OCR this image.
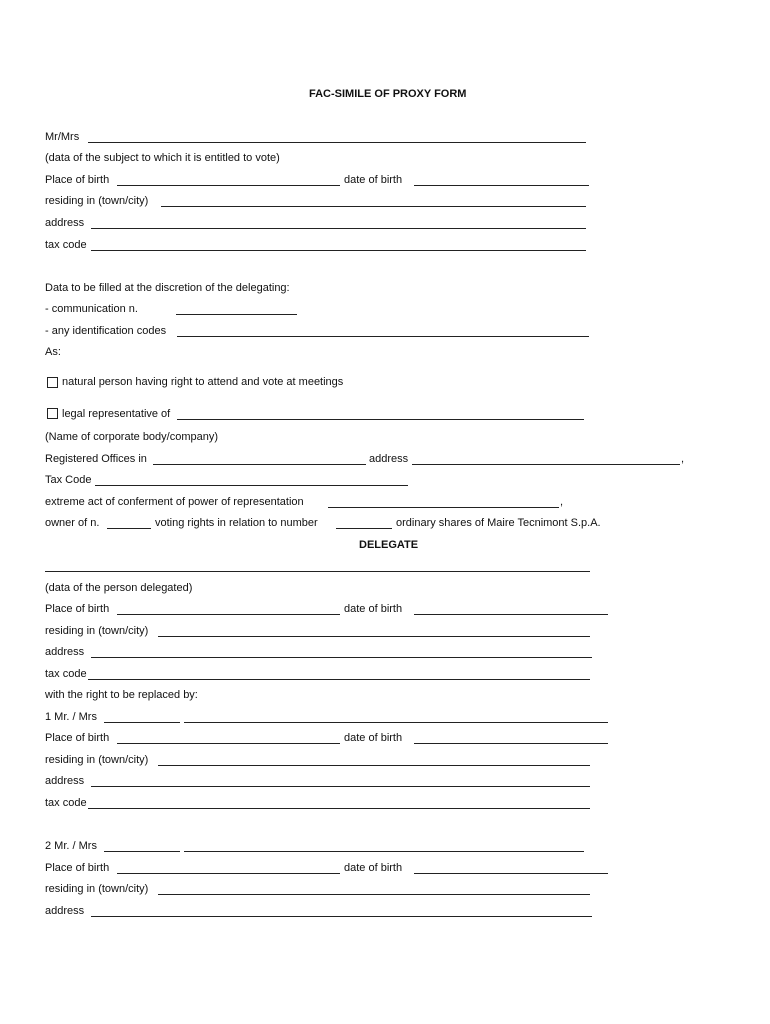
FAC-SIMILE OF PROXY FORM
Mr/Mrs
(data of the subject to which it is entitled to vote)
Place of birth	date of birth
residing in (town/city)
address
tax code
Data to be filled at the discretion of the delegating:
- communication n.
- any identification codes
As:
natural person having right to attend and vote at meetings
legal representative of
(Name of corporate body/company)
Registered Offices in	address	,
Tax Code
extreme act of conferment of power of representation	,
owner of n.	voting rights in relation to number	ordinary shares of Maire Tecnimont S.p.A.
DELEGATE
(data of the person delegated)
Place of birth	date of birth
residing in (town/city)
address
tax code
with the right to be replaced by:
1 Mr. / Mrs
Place of birth	date of birth
residing in (town/city)
address
tax code
2 Mr. / Mrs
Place of birth	date of birth
residing in (town/city)
address
